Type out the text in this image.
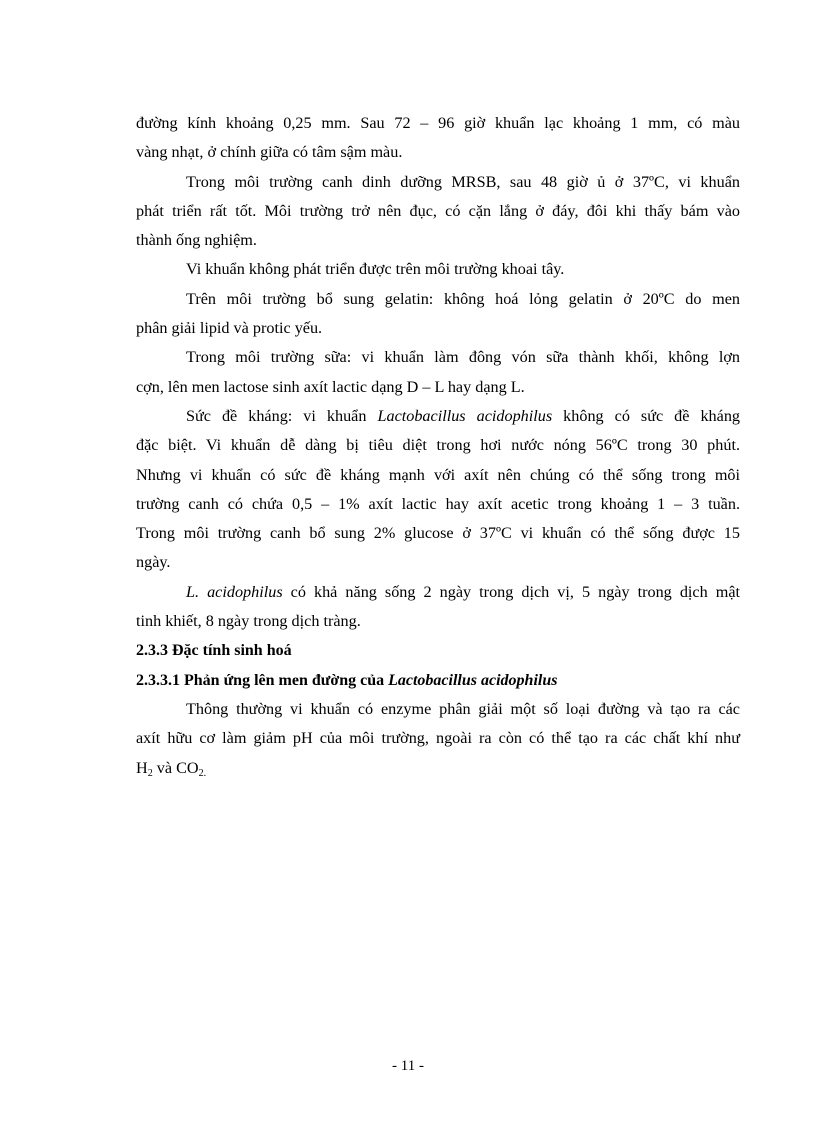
đường kính khoảng 0,25 mm. Sau 72 – 96 giờ khuẩn lạc khoảng 1 mm, có màu
vàng nhạt, ở chính giữa có tâm sậm màu.

Trong môi trường canh dinh dưỡng MRSB, sau 48 giờ ủ ở 37ºC, vi khuẩn
phát triển rất tốt. Môi trường trở nên đục, có cặn lắng ở đáy, đôi khi thấy bám vào
thành ống nghiệm.

Vi khuẩn không phát triển được trên môi trường khoai tây.

Trên môi trường bổ sung gelatin: không hoá lỏng gelatin ở 20ºC do men
phân giải lipid và protic yếu.

Trong môi trường sữa: vi khuẩn làm đông vón sữa thành khối, không lợn
cợn, lên men lactose sinh axít lactic dạng D – L hay dạng L.

Sức đề kháng: vi khuẩn Lactobacillus acidophilus không có sức đề kháng
đặc biệt. Vi khuẩn dễ dàng bị tiêu diệt trong hơi nước nóng 56ºC trong 30 phút.
Nhưng vi khuẩn có sức đề kháng mạnh với axít nên chúng có thể sống trong môi
trường canh có chứa 0,5 – 1% axít lactic hay axít acetic trong khoảng 1 – 3 tuần.
Trong môi trường canh bổ sung 2% glucose ở 37ºC vi khuẩn có thể sống được 15
ngày.

L. acidophilus có khả năng sống 2 ngày trong dịch vị, 5 ngày trong dịch mật
tinh khiết, 8 ngày trong dịch tràng.

2.3.3 Đặc tính sinh hoá

2.3.3.1 Phản ứng lên men đường của Lactobacillus acidophilus

Thông thường vi khuẩn có enzyme phân giải một số loại đường và tạo ra các
axít hữu cơ làm giảm pH của môi trường, ngoài ra còn có thể tạo ra các chất khí như
$H_2$ và $CO_{2.}$

- 11 -
